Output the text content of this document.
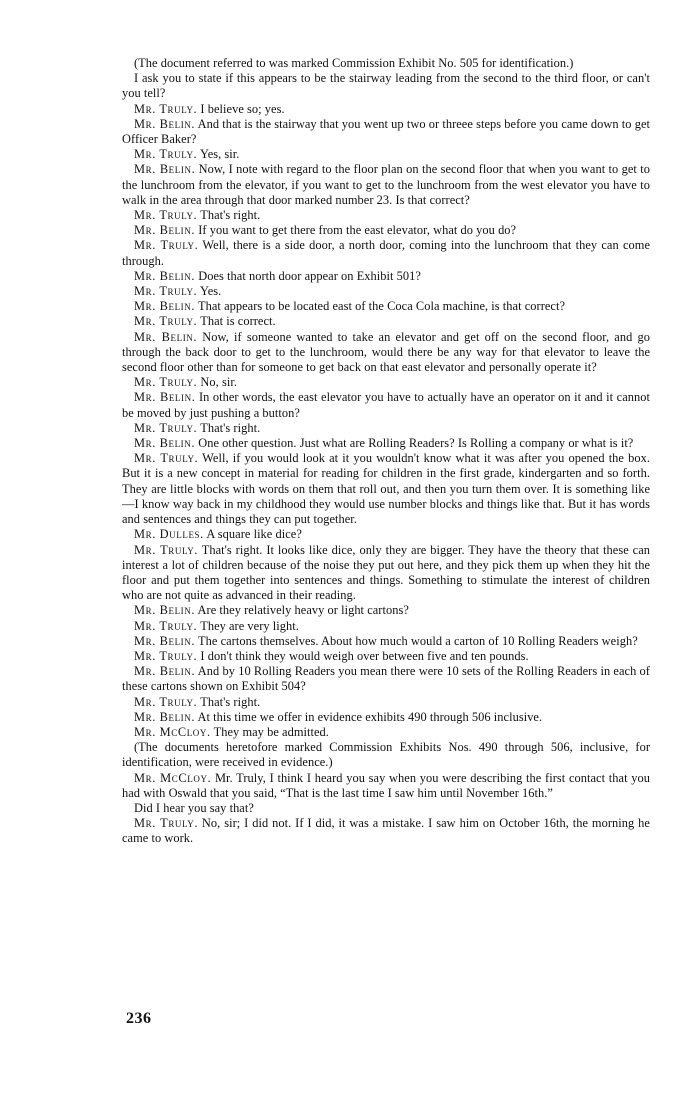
(The document referred to was marked Commission Exhibit No. 505 for identification.)

I ask you to state if this appears to be the stairway leading from the second to the third floor, or can't you tell?

Mr. Truly. I believe so; yes.

Mr. Belin. And that is the stairway that you went up two or threee steps before you came down to get Officer Baker?

Mr. Truly. Yes, sir.

Mr. Belin. Now, I note with regard to the floor plan on the second floor that when you want to get to the lunchroom from the elevator, if you want to get to the lunchroom from the west elevator you have to walk in the area through that door marked number 23. Is that correct?

Mr. Truly. That's right.

Mr. Belin. If you want to get there from the east elevator, what do you do?

Mr. Truly. Well, there is a side door, a north door, coming into the lunchroom that they can come through.

Mr. Belin. Does that north door appear on Exhibit 501?

Mr. Truly. Yes.

Mr. Belin. That appears to be located east of the Coca Cola machine, is that correct?

Mr. Truly. That is correct.

Mr. Belin. Now, if someone wanted to take an elevator and get off on the second floor, and go through the back door to get to the lunchroom, would there be any way for that elevator to leave the second floor other than for someone to get back on that east elevator and personally operate it?

Mr. Truly. No, sir.

Mr. Belin. In other words, the east elevator you have to actually have an operator on it and it cannot be moved by just pushing a button?

Mr. Truly. That's right.

Mr. Belin. One other question. Just what are Rolling Readers? Is Rolling a company or what is it?

Mr. Truly. Well, if you would look at it you wouldn't know what it was after you opened the box. But it is a new concept in material for reading for children in the first grade, kindergarten and so forth. They are little blocks with words on them that roll out, and then you turn them over. It is something like—I know way back in my childhood they would use number blocks and things like that. But it has words and sentences and things they can put together.

Mr. Dulles. A square like dice?

Mr. Truly. That's right. It looks like dice, only they are bigger. They have the theory that these can interest a lot of children because of the noise they put out here, and they pick them up when they hit the floor and put them together into sentences and things. Something to stimulate the interest of children who are not quite as advanced in their reading.

Mr. Belin. Are they relatively heavy or light cartons?

Mr. Truly. They are very light.

Mr. Belin. The cartons themselves. About how much would a carton of 10 Rolling Readers weigh?

Mr. Truly. I don't think they would weigh over between five and ten pounds.

Mr. Belin. And by 10 Rolling Readers you mean there were 10 sets of the Rolling Readers in each of these cartons shown on Exhibit 504?

Mr. Truly. That's right.

Mr. Belin. At this time we offer in evidence exhibits 490 through 506 inclusive.

Mr. McCloy. They may be admitted.

(The documents heretofore marked Commission Exhibits Nos. 490 through 506, inclusive, for identification, were received in evidence.)

Mr. McCloy. Mr. Truly, I think I heard you say when you were describing the first contact that you had with Oswald that you said, “That is the last time I saw him until November 16th.”

Did I hear you say that?

Mr. Truly. No, sir; I did not. If I did, it was a mistake. I saw him on October 16th, the morning he came to work.

236
